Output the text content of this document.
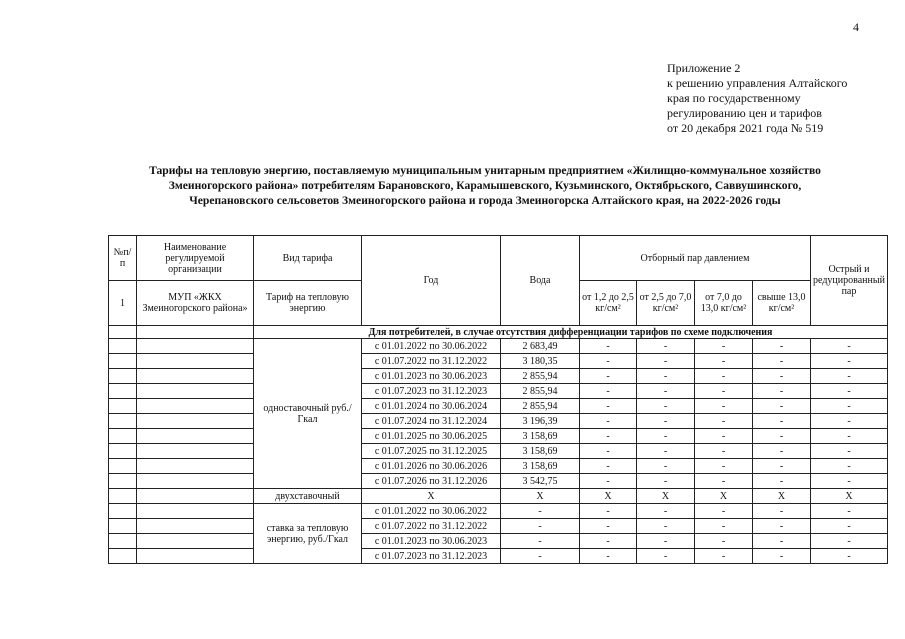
4
Приложение 2
к решению управления Алтайского
края по государственному
регулированию цен и тарифов
от 20 декабря 2021 года № 519
Тарифы на тепловую энергию, поставляемую муниципальным унитарным предприятием «Жилищно-коммунальное хозяйство
Змеиногорского района» потребителям Барановского, Карамышевского, Кузьминского, Октябрьского, Саввушинского,
Черепановского сельсоветов Змеиногорского района и города Змеиногорска Алтайского края, на 2022-2026 годы
№п/п	Наименование регулируемой организации	Вид тарифа	Год	Вода	Отборный пар давлением				Острый и редуцированный пар
1	МУП «ЖКХ Змеиногорского района»	Тариф на тепловую энергию			от 1,2 до 2,5 кг/см²	от 2,5 до 7,0 кг/см²	от 7,0 до 13,0 кг/см²	свыше 13,0 кг/см²	
		Для потребителей, в случае отсутствия дифференциации тарифов по схеме подключения							
		одноставочный руб./Гкал	с 01.01.2022 по 30.06.2022	2 683,49	-	-	-	-	-
			с 01.07.2022 по 31.12.2022	3 180,35	-	-	-	-	-
			с 01.01.2023 по 30.06.2023	2 855,94	-	-	-	-	-
			с 01.07.2023 по 31.12.2023	2 855,94	-	-	-	-	-
			с 01.01.2024 по 30.06.2024	2 855,94	-	-	-	-	-
			с 01.07.2024 по 31.12.2024	3 196,39	-	-	-	-	-
			с 01.01.2025 по 30.06.2025	3 158,69	-	-	-	-	-
			с 01.07.2025 по 31.12.2025	3 158,69	-	-	-	-	-
			с 01.01.2026 по 30.06.2026	3 158,69	-	-	-	-	-
			с 01.07.2026 по 31.12.2026	3 542,75	-	-	-	-	-
		двухставочный	Х	Х	Х	Х	Х	Х	Х
		ставка за тепловую энергию, руб./Гкал	с 01.01.2022 по 30.06.2022	-	-	-	-	-	-
			с 01.07.2022 по 31.12.2022	-	-	-	-	-	-
			с 01.01.2023 по 30.06.2023	-	-	-	-	-	-
			с 01.07.2023 по 31.12.2023	-	-	-	-	-	-
